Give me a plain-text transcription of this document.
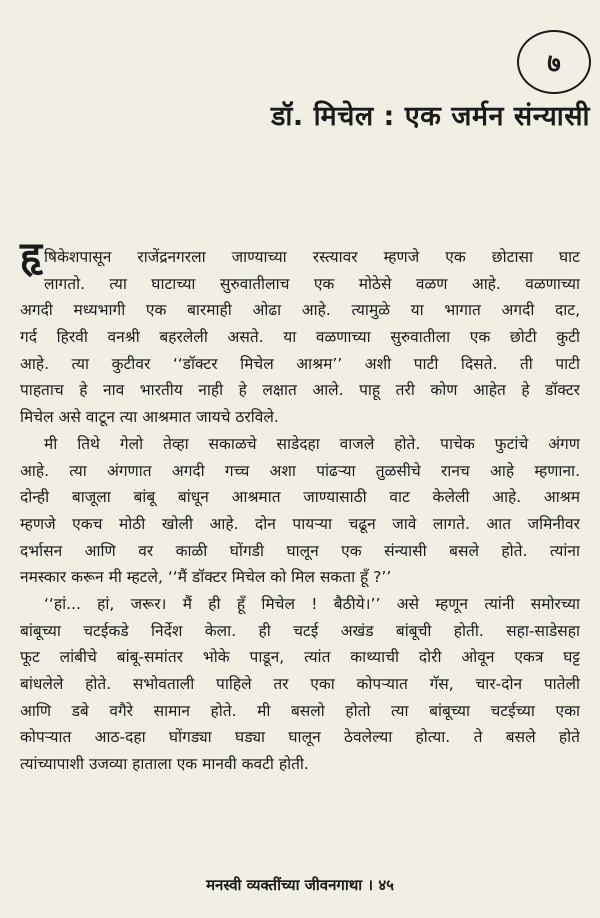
७
डॉ. मिचेल : एक जर्मन संन्यासी
हृ षिकेशपासून राजेंद्रनगरला जाण्याच्या रस्त्यावर म्हणजे एक छोटासा घाट
लागतो. त्या घाटाच्या सुरुवातीलाच एक मोठेसे वळण आहे. वळणाच्या
अगदी मध्यभागी एक बारमाही ओढा आहे. त्यामुळे या भागात अगदी दाट,
गर्द हिरवी वनश्री बहरलेली असते. या वळणाच्या सुरुवातीला एक छोटी कुटी
आहे. त्या कुटीवर ‘‘डॉक्टर मिचेल आश्रम’’ अशी पाटी दिसते. ती पाटी
पाहताच हे नाव भारतीय नाही हे लक्षात आले. पाहू तरी कोण आहेत हे डॉक्टर
मिचेल असे वाटून त्या आश्रमात जायचे ठरविले.
मी तिथे गेलो तेव्हा सकाळचे साडेदहा वाजले होते. पाचेक फुटांचे अंगण
आहे. त्या अंगणात अगदी गच्च अशा पांढऱ्या तुळसीचे रानच आहे म्हणाना.
दोन्ही बाजूला बांबू बांधून आश्रमात जाण्यासाठी वाट केलेली आहे. आश्रम
म्हणजे एकच मोठी खोली आहे. दोन पायऱ्या चढून जावे लागते. आत जमिनीवर
दर्भासन आणि वर काळी घोंगडी घालून एक संन्यासी बसले होते. त्यांना
नमस्कार करून मी म्हटले, ‘‘मैं डॉक्टर मिचेल को मिल सकता हूँ ?’’
‘‘हां... हां, जरूर। मैं ही हूँ मिचेल ! बैठीये।’’ असे म्हणून त्यांनी समोरच्या
बांबूच्या चटईकडे निर्देश केला. ही चटई अखंड बांबूची होती. सहा-साडेसहा
फूट लांबीचे बांबू-समांतर भोके पाडून, त्यांत काथ्याची दोरी ओवून एकत्र घट्ट
बांधलेले होते. सभोवताली पाहिले तर एका कोपऱ्यात गॅस, चार-दोन पातेली
आणि डबे वगैरे सामान होते. मी बसलो होतो त्या बांबूच्या चटईच्या एका
कोपऱ्यात आठ-दहा घोंगड्या घड्या घालून ठेवलेल्या होत्या. ते बसले होते
त्यांच्यापाशी उजव्या हाताला एक मानवी कवटी होती.
मनस्वी व्यक्तींच्या जीवनगाथा । ४५
